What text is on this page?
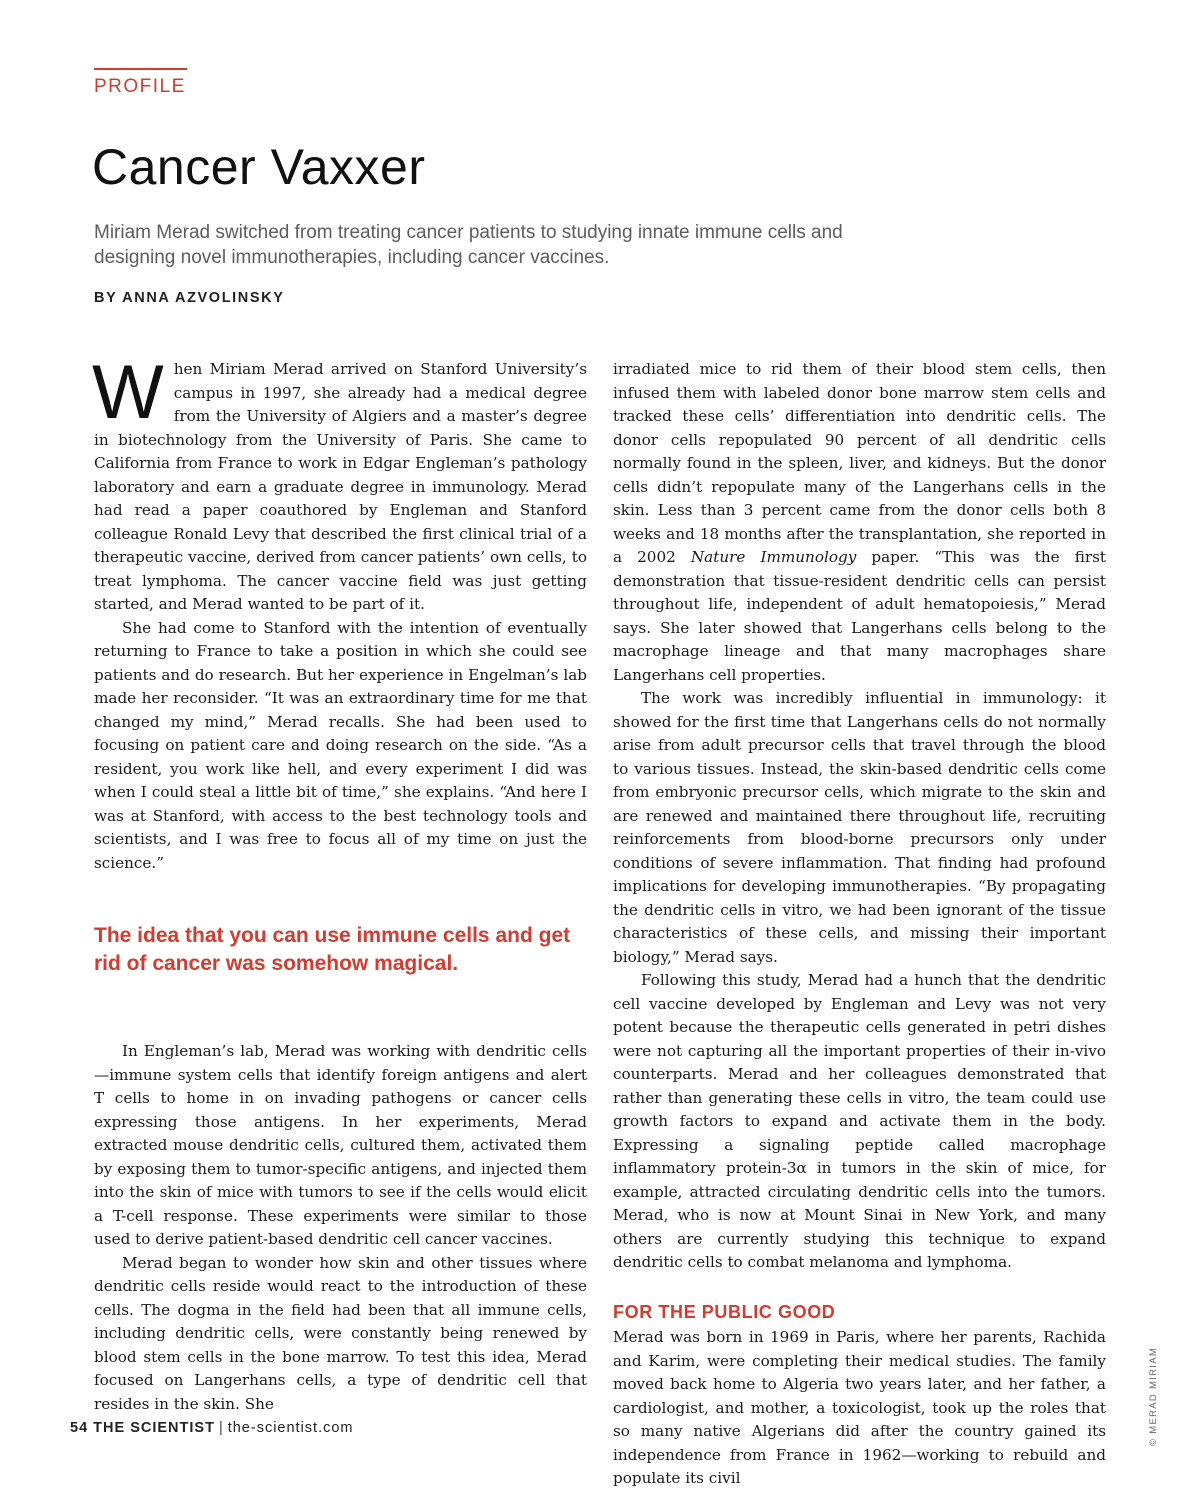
PROFILE
Cancer Vaxxer

Miriam Merad switched from treating cancer patients to studying innate immune cells and designing novel immunotherapies, including cancer vaccines.

BY ANNA AZVOLINSKY

When Miriam Merad arrived on Stanford University’s campus in 1997, she already had a medical degree from the University of Algiers and a master’s degree in biotechnology from the University of Paris. She came to California from France to work in Edgar Engleman’s pathology laboratory and earn a graduate degree in immunology. Merad had read a paper coauthored by Engleman and Stanford colleague Ronald Levy that described the first clinical trial of a therapeutic vaccine, derived from cancer patients’ own cells, to treat lymphoma. The cancer vaccine field was just getting started, and Merad wanted to be part of it.

She had come to Stanford with the intention of eventually returning to France to take a position in which she could see patients and do research. But her experience in Engelman’s lab made her reconsider. “It was an extraordinary time for me that changed my mind,” Merad recalls. She had been used to focusing on patient care and doing research on the side. “As a resident, you work like hell, and every experiment I did was when I could steal a little bit of time,” she explains. “And here I was at Stanford, with access to the best technology tools and scientists, and I was free to focus all of my time on just the science.”

The idea that you can use immune cells and get rid of cancer was somehow magical.

In Engleman’s lab, Merad was working with dendritic cells—immune system cells that identify foreign antigens and alert T cells to home in on invading pathogens or cancer cells expressing those antigens. In her experiments, Merad extracted mouse dendritic cells, cultured them, activated them by exposing them to tumor-specific antigens, and injected them into the skin of mice with tumors to see if the cells would elicit a T-cell response. These experiments were similar to those used to derive patient-based dendritic cell cancer vaccines.

Merad began to wonder how skin and other tissues where dendritic cells reside would react to the introduction of these cells. The dogma in the field had been that all immune cells, including dendritic cells, were constantly being renewed by blood stem cells in the bone marrow. To test this idea, Merad focused on Langerhans cells, a type of dendritic cell that resides in the skin. She

irradiated mice to rid them of their blood stem cells, then infused them with labeled donor bone marrow stem cells and tracked these cells’ differentiation into dendritic cells. The donor cells repopulated 90 percent of all dendritic cells normally found in the spleen, liver, and kidneys. But the donor cells didn’t repopulate many of the Langerhans cells in the skin. Less than 3 percent came from the donor cells both 8 weeks and 18 months after the transplantation, she reported in a 2002 Nature Immunology paper. “This was the first demonstration that tissue-resident dendritic cells can persist throughout life, independent of adult hematopoiesis,” Merad says. She later showed that Langerhans cells belong to the macrophage lineage and that many macrophages share Langerhans cell properties.

The work was incredibly influential in immunology: it showed for the first time that Langerhans cells do not normally arise from adult precursor cells that travel through the blood to various tissues. Instead, the skin-based dendritic cells come from embryonic precursor cells, which migrate to the skin and are renewed and maintained there throughout life, recruiting reinforcements from blood-borne precursors only under conditions of severe inflammation. That finding had profound implications for developing immunotherapies. “By propagating the dendritic cells in vitro, we had been ignorant of the tissue characteristics of these cells, and missing their important biology,” Merad says.

Following this study, Merad had a hunch that the dendritic cell vaccine developed by Engleman and Levy was not very potent because the therapeutic cells generated in petri dishes were not capturing all the important properties of their in-vivo counterparts. Merad and her colleagues demonstrated that rather than generating these cells in vitro, the team could use growth factors to expand and activate them in the body. Expressing a signaling peptide called macrophage inflammatory protein-3α in tumors in the skin of mice, for example, attracted circulating dendritic cells into the tumors. Merad, who is now at Mount Sinai in New York, and many others are currently studying this technique to expand dendritic cells to combat melanoma and lymphoma.

FOR THE PUBLIC GOOD

Merad was born in 1969 in Paris, where her parents, Rachida and Karim, were completing their medical studies. The family moved back home to Algeria two years later, and her father, a cardiologist, and mother, a toxicologist, took up the roles that so many native Algerians did after the country gained its independence from France in 1962—working to rebuild and populate its civil

© MERAD MIRIAM

54 THE SCIENTIST | the-scientist.com
